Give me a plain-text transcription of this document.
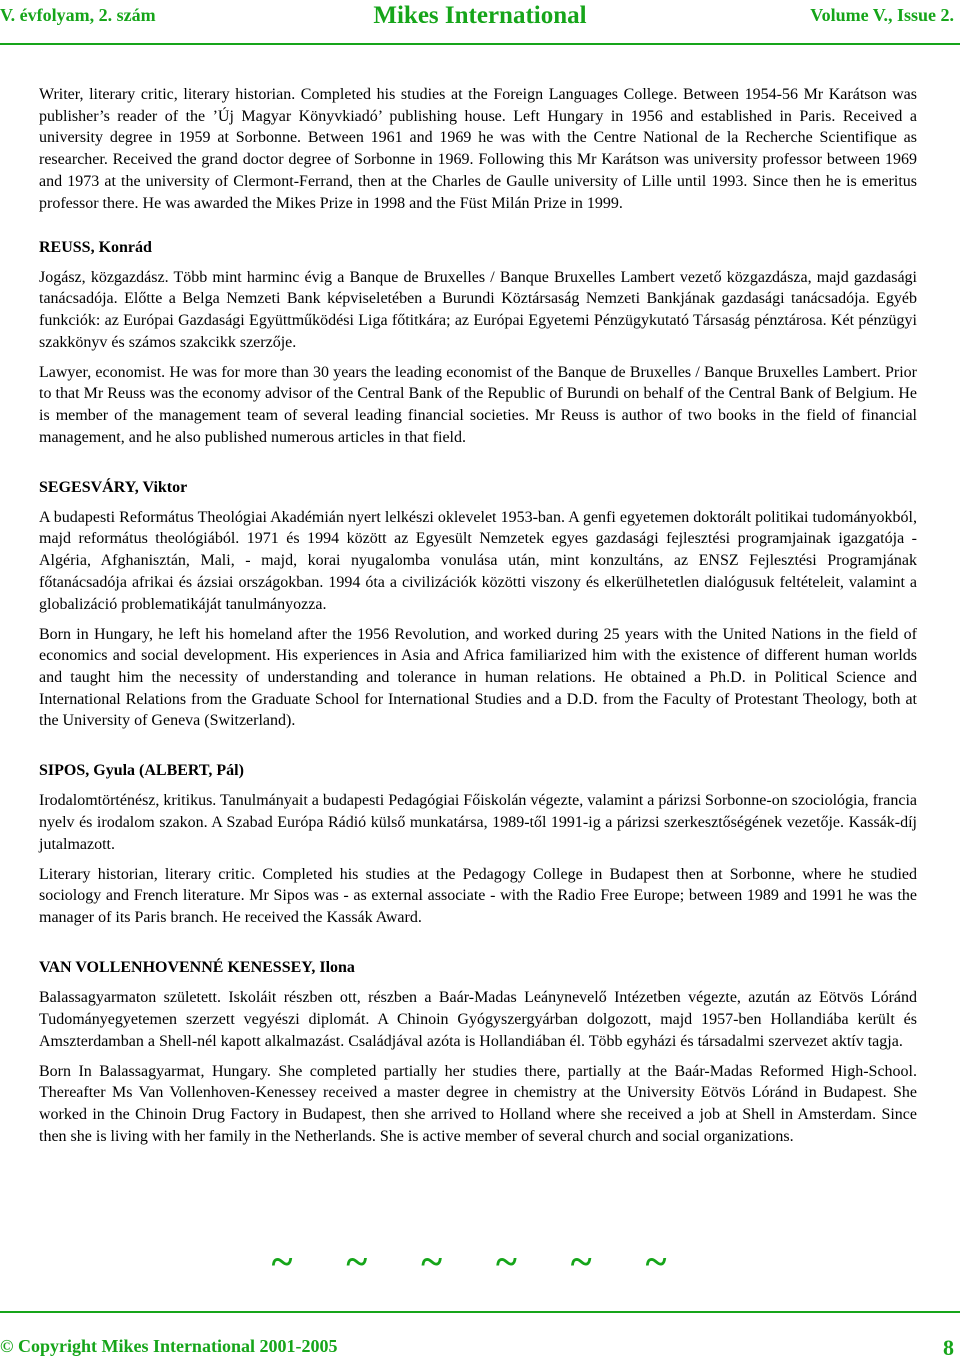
V. évfolyam, 2. szám	Mikes International	Volume V., Issue 2.

Writer, literary critic, literary historian. Completed his studies at the Foreign Languages College. Between 1954-56 Mr Karátson was publisher’s reader of the ’Új Magyar Könyvkiadó’ publishing house. Left Hungary in 1956 and established in Paris. Received a university degree in 1959 at Sorbonne. Between 1961 and 1969 he was with the Centre National de la Recherche Scientifique as researcher. Received the grand doctor degree of Sorbonne in 1969. Following this Mr Karátson was university professor between 1969 and 1973 at the university of Clermont-Ferrand, then at the Charles de Gaulle university of Lille until 1993. Since then he is emeritus professor there. He was awarded the Mikes Prize in 1998 and the Füst Milán Prize in 1999.

REUSS, Konrád

Jogász, közgazdász. Több mint harminc évig a Banque de Bruxelles / Banque Bruxelles Lambert vezető közgazdásza, majd gazdasági tanácsadója. Előtte a Belga Nemzeti Bank képviseletében a Burundi Köztársaság Nemzeti Bankjának gazdasági tanácsadója. Egyéb funkciók: az Európai Gazdasági Együttműködési Liga főtitkára; az Európai Egyetemi Pénzügykutató Társaság pénztárosa. Két pénzügyi szakkönyv és számos szakcikk szerzője.

Lawyer, economist. He was for more than 30 years the leading economist of the Banque de Bruxelles / Banque Bruxelles Lambert. Prior to that Mr Reuss was the economy advisor of the Central Bank of the Republic of Burundi on behalf of the Central Bank of Belgium. He is member of the management team of several leading financial societies. Mr Reuss is author of two books in the field of financial management, and he also published numerous articles in that field.

SEGESVÁRY, Viktor

A budapesti Református Theológiai Akadémián nyert lelkészi oklevelet 1953-ban. A genfi egyetemen doktorált politikai tudományokból, majd református theológiából. 1971 és 1994 között az Egyesült Nemzetek egyes gazdasági fejlesztési programjainak igazgatója - Algéria, Afghanisztán, Mali, - majd, korai nyugalomba vonulása után, mint konzultáns, az ENSZ Fejlesztési Programjának főtanácsadója afrikai és ázsiai országokban. 1994 óta a civilizációk közötti viszony és elkerülhetetlen dialógusuk feltételeit, valamint a globalizáció problematikáját tanulmányozza.

Born in Hungary, he left his homeland after the 1956 Revolution, and worked during 25 years with the United Nations in the field of economics and social development. His experiences in Asia and Africa familiarized him with the existence of different human worlds and taught him the necessity of understanding and tolerance in human relations. He obtained a Ph.D. in Political Science and International Relations from the Graduate School for International Studies and a D.D. from the Faculty of Protestant Theology, both at the University of Geneva (Switzerland).

SIPOS, Gyula (ALBERT, Pál)

Irodalomtörténész, kritikus. Tanulmányait a budapesti Pedagógiai Főiskolán végezte, valamint a párizsi Sorbonne-on szociológia, francia nyelv és irodalom szakon. A Szabad Európa Rádió külső munkatársa, 1989-től 1991-ig a párizsi szerkesztőségének vezetője. Kassák-díj jutalmazott.

Literary historian, literary critic. Completed his studies at the Pedagogy College in Budapest then at Sorbonne, where he studied sociology and French literature. Mr Sipos was - as external associate - with the Radio Free Europe; between 1989 and 1991 he was the manager of its Paris branch. He received the Kassák Award.

VAN VOLLENHOVENNÉ KENESSEY, Ilona

Balassagyarmaton született. Iskoláit részben ott, részben a Baár-Madas Leánynevelő Intézetben végezte, azután az Eötvös Lóránd Tudományegyetemen szerzett vegyészi diplomát. A Chinoin Gyógyszergyárban dolgozott, majd 1957-ben Hollandiába került és Amszterdamban a Shell-nél kapott alkalmazást. Családjával azóta is Hollandiában él. Több egyházi és társadalmi szervezet aktív tagja.

Born In Balassagyarmat, Hungary. She completed partially her studies there, partially at the Baár-Madas Reformed High-School. Thereafter Ms Van Vollenhoven-Kenessey received a master degree in chemistry at the University Eötvös Lóránd in Budapest. She worked in the Chinoin Drug Factory in Budapest, then she arrived to Holland where she received a job at Shell in Amsterdam. Since then she is living with her family in the Netherlands. She is active member of several church and social organizations.

~ ~ ~ ~ ~ ~
© Copyright Mikes International 2001-2005	8
